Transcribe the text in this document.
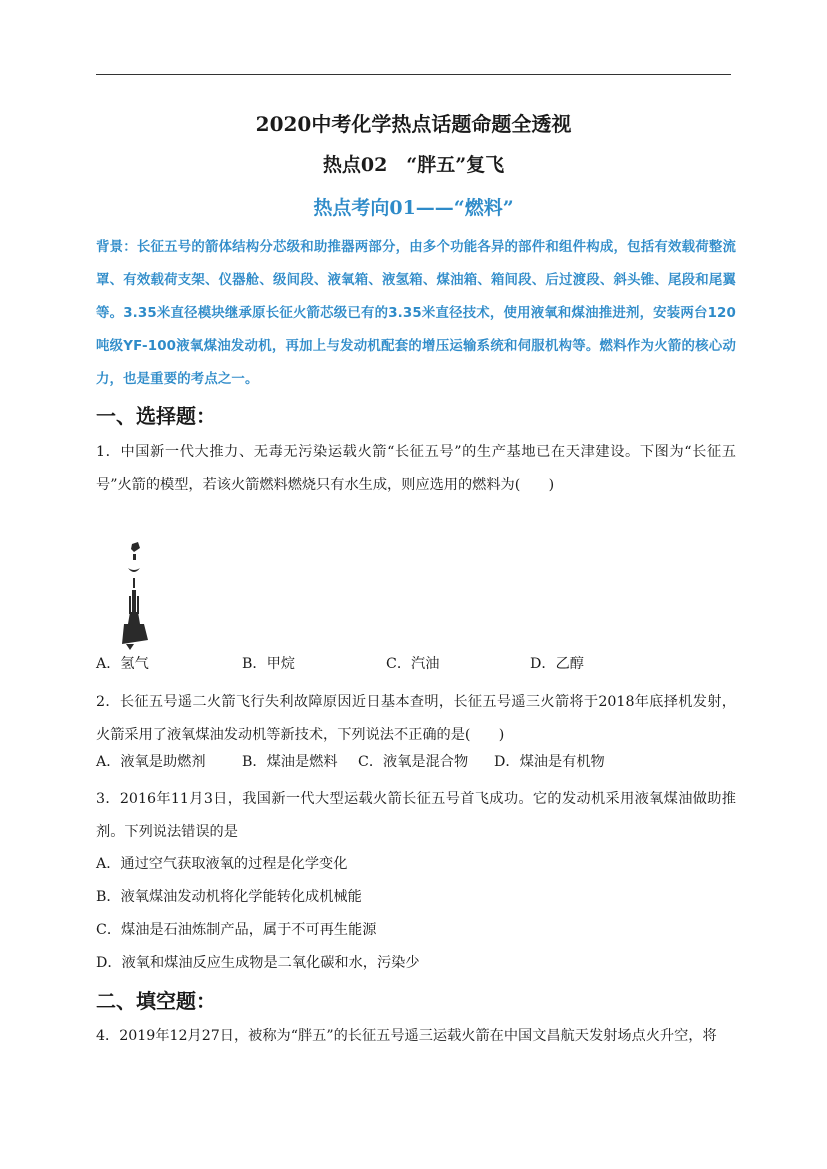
2020中考化学热点话题命题全透视
热点02　“胖五”复飞
热点考向01——“燃料”
背景：长征五号的箭体结构分芯级和助推器两部分，由多个功能各异的部件和组件构成，包括有效载荷整流罩、有效载荷支架、仪器舱、级间段、液氧箱、液氢箱、煤油箱、箱间段、后过渡段、斜头锥、尾段和尾翼等。3.35米直径模块继承原长征火箭芯级已有的3.35米直径技术，使用液氧和煤油推进剂，安装两台120吨级YF-100液氧煤油发动机，再加上与发动机配套的增压运输系统和伺服机构等。燃料作为火箭的核心动力，也是重要的考点之一。
一、选择题：
1．中国新一代大推力、无毒无污染运载火箭“长征五号”的生产基地已在天津建设。下图为“长征五号”火箭的模型，若该火箭燃料燃烧只有水生成，则应选用的燃料为(　　)
A．氢气	B．甲烷	C．汽油	D．乙醇
2．长征五号遥二火箭飞行失利故障原因近日基本查明，长征五号遥三火箭将于2018年底择机发射，火箭采用了液氧煤油发动机等新技术，下列说法不正确的是(　　)
A．液氧是助燃剂	B．煤油是燃料 C．液氧是混合物 D．煤油是有机物
3．2016年11月3日，我国新一代大型运载火箭长征五号首飞成功。它的发动机采用液氧煤油做助推剂。下列说法错误的是
A．通过空气获取液氧的过程是化学变化
B．液氧煤油发动机将化学能转化成机械能
C．煤油是石油炼制产品，属于不可再生能源
D．液氧和煤油反应生成物是二氧化碳和水，污染少
二、填空题：
4．2019年12月27日，被称为“胖五”的长征五号遥三运载火箭在中国文昌航天发射场点火升空，将
